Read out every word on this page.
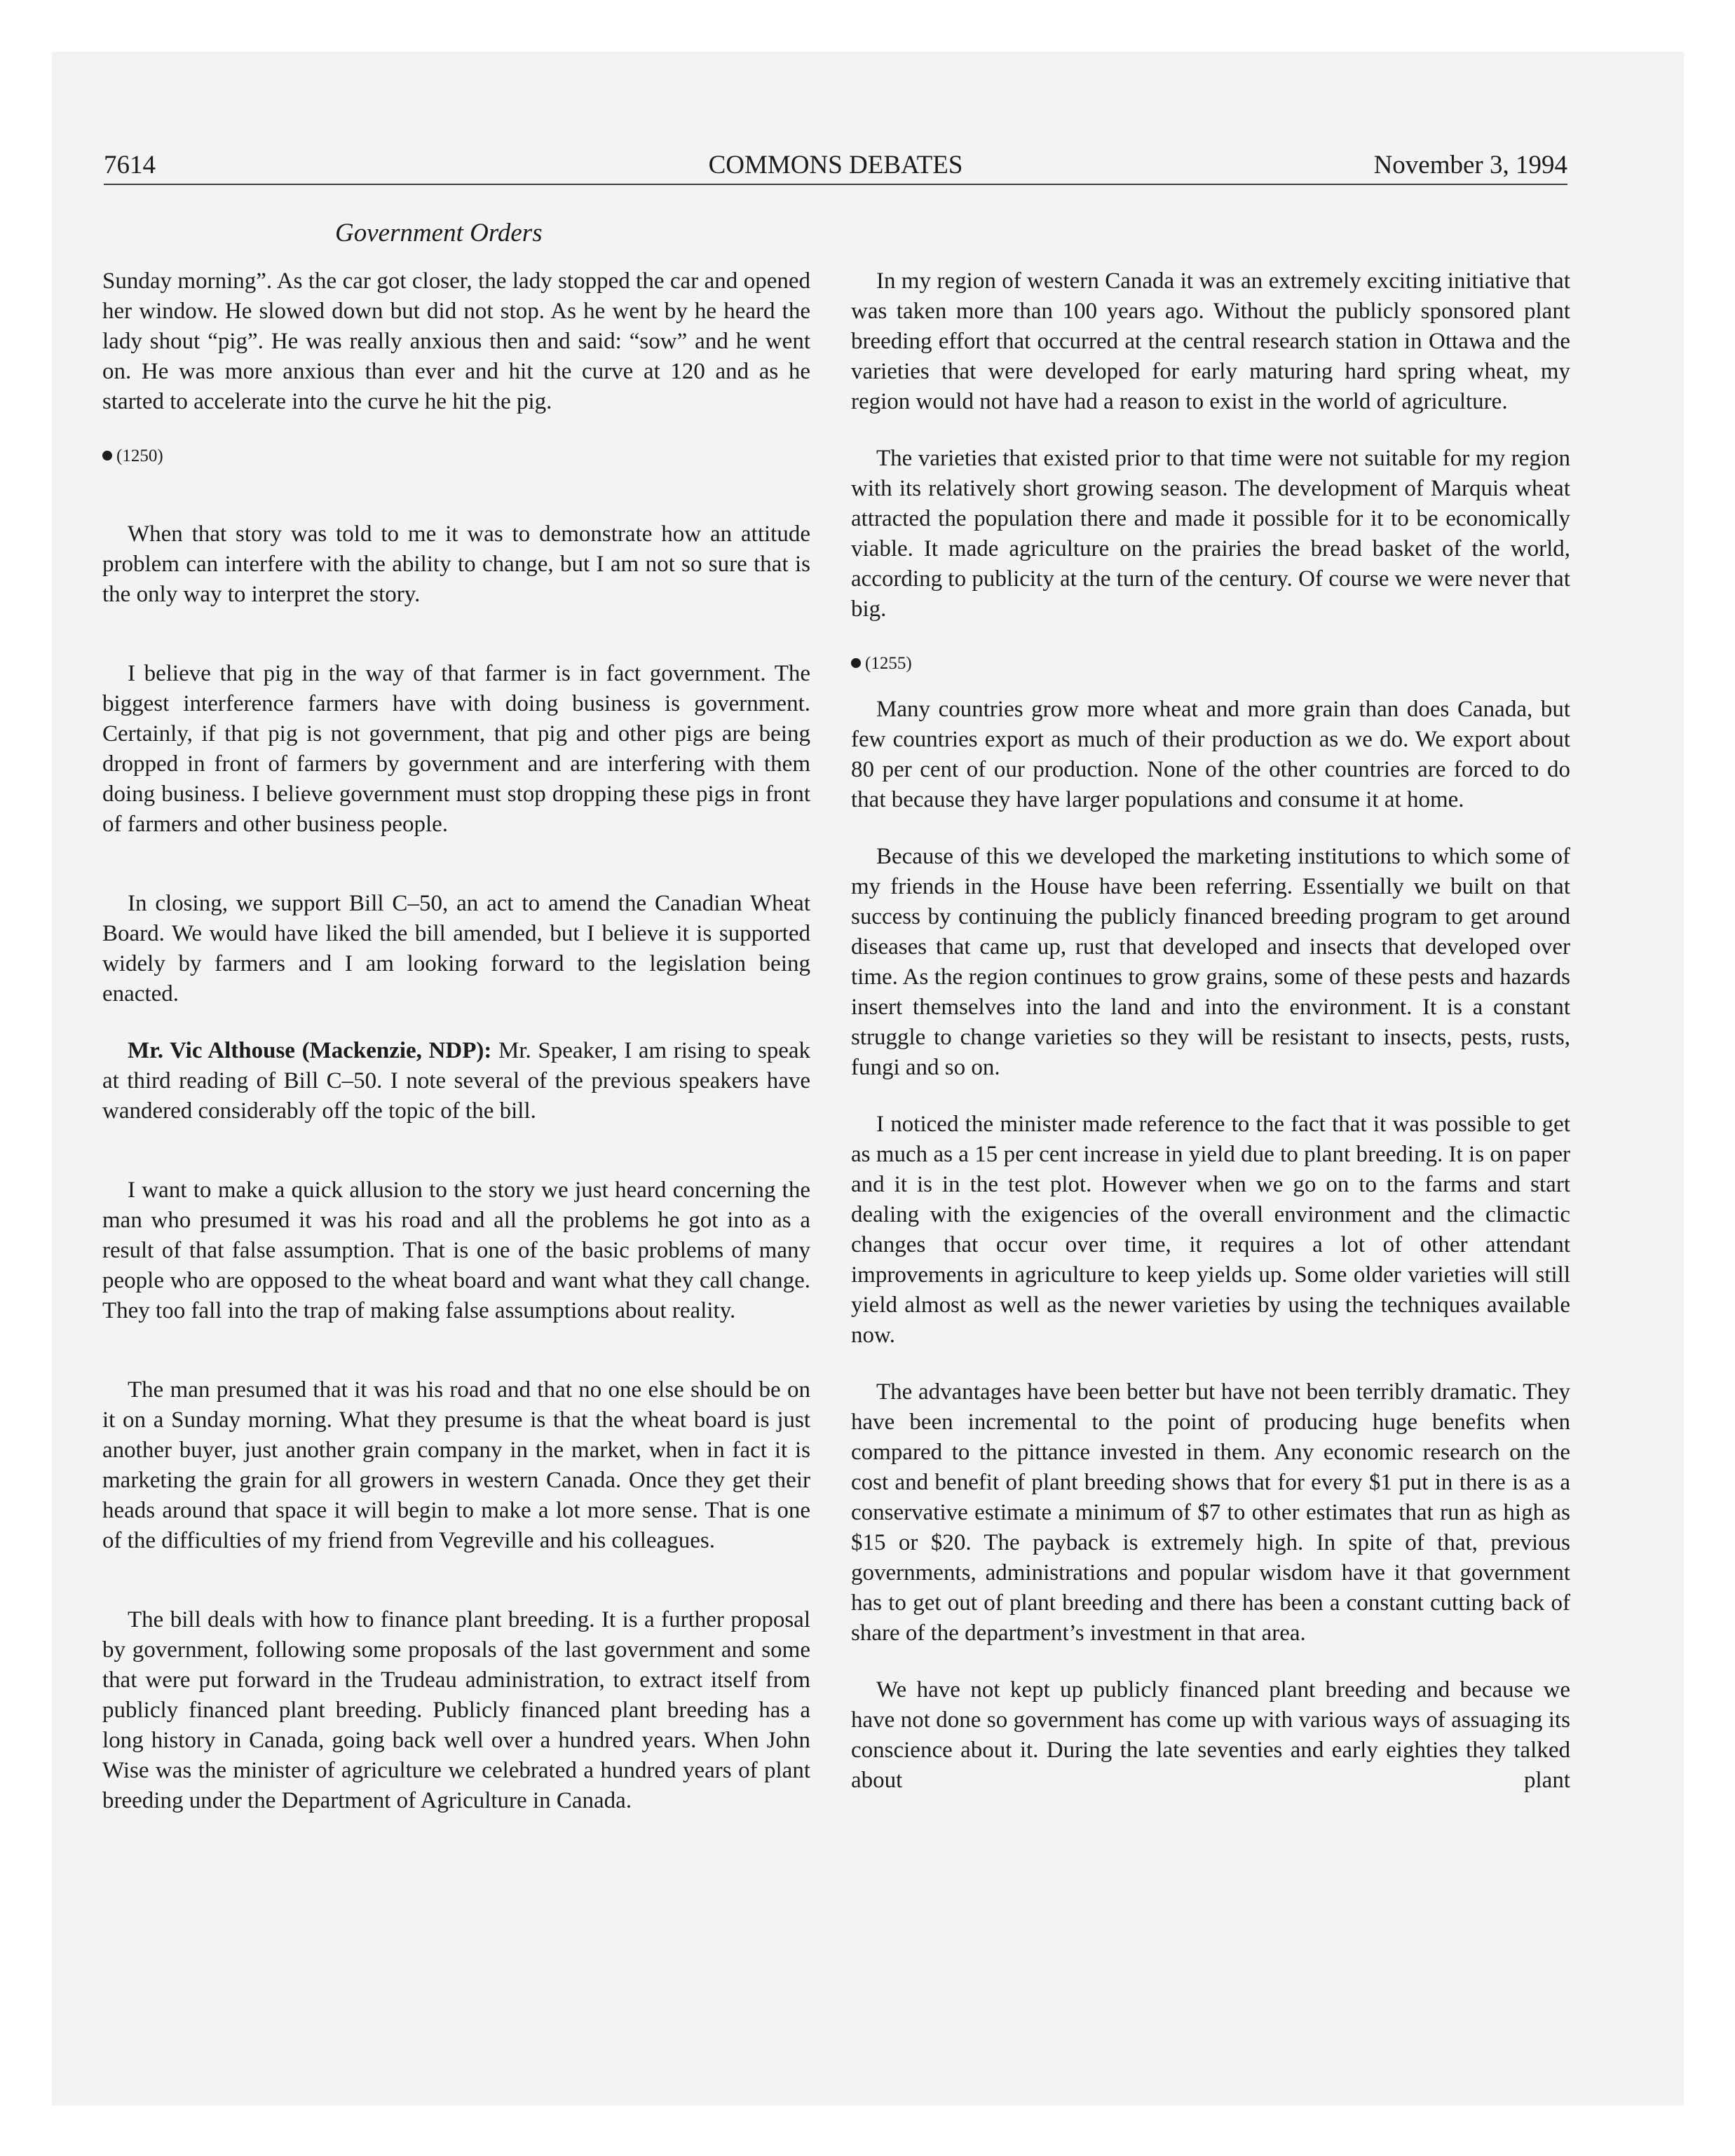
7614	COMMONS DEBATES	November 3, 1994
Government Orders

Sunday morning”. As the car got closer, the lady stopped the car and opened her window. He slowed down but did not stop. As he went by he heard the lady shout “pig”. He was really anxious then and said: “sow” and he went on. He was more anxious than ever and hit the curve at 120 and as he started to accelerate into the curve he hit the pig.

(1250)

When that story was told to me it was to demonstrate how an attitude problem can interfere with the ability to change, but I am not so sure that is the only way to interpret the story.

I believe that pig in the way of that farmer is in fact government. The biggest interference farmers have with doing business is government. Certainly, if that pig is not government, that pig and other pigs are being dropped in front of farmers by government and are interfering with them doing business. I believe government must stop dropping these pigs in front of farmers and other business people.

In closing, we support Bill C–50, an act to amend the Canadian Wheat Board. We would have liked the bill amended, but I believe it is supported widely by farmers and I am looking forward to the legislation being enacted.

Mr. Vic Althouse (Mackenzie, NDP): Mr. Speaker, I am rising to speak at third reading of Bill C–50. I note several of the previous speakers have wandered considerably off the topic of the bill.

I want to make a quick allusion to the story we just heard concerning the man who presumed it was his road and all the problems he got into as a result of that false assumption. That is one of the basic problems of many people who are opposed to the wheat board and want what they call change. They too fall into the trap of making false assumptions about reality.

The man presumed that it was his road and that no one else should be on it on a Sunday morning. What they presume is that the wheat board is just another buyer, just another grain company in the market, when in fact it is marketing the grain for all growers in western Canada. Once they get their heads around that space it will begin to make a lot more sense. That is one of the difficulties of my friend from Vegreville and his colleagues.

The bill deals with how to finance plant breeding. It is a further proposal by government, following some proposals of the last government and some that were put forward in the Trudeau administration, to extract itself from publicly financed plant breeding. Publicly financed plant breeding has a long history in Canada, going back well over a hundred years. When John Wise was the minister of agriculture we celebrated a hundred years of plant breeding under the Department of Agriculture in Canada.

In my region of western Canada it was an extremely exciting initiative that was taken more than 100 years ago. Without the publicly sponsored plant breeding effort that occurred at the central research station in Ottawa and the varieties that were developed for early maturing hard spring wheat, my region would not have had a reason to exist in the world of agriculture.

The varieties that existed prior to that time were not suitable for my region with its relatively short growing season. The development of Marquis wheat attracted the population there and made it possible for it to be economically viable. It made agriculture on the prairies the bread basket of the world, according to publicity at the turn of the century. Of course we were never that big.

(1255)

Many countries grow more wheat and more grain than does Canada, but few countries export as much of their production as we do. We export about 80 per cent of our production. None of the other countries are forced to do that because they have larger populations and consume it at home.

Because of this we developed the marketing institutions to which some of my friends in the House have been referring. Essentially we built on that success by continuing the publicly financed breeding program to get around diseases that came up, rust that developed and insects that developed over time. As the region continues to grow grains, some of these pests and hazards insert themselves into the land and into the environment. It is a constant struggle to change varieties so they will be resistant to insects, pests, rusts, fungi and so on.

I noticed the minister made reference to the fact that it was possible to get as much as a 15 per cent increase in yield due to plant breeding. It is on paper and it is in the test plot. However when we go on to the farms and start dealing with the exigencies of the overall environment and the climactic changes that occur over time, it requires a lot of other attendant improvements in agriculture to keep yields up. Some older varieties will still yield almost as well as the newer varieties by using the techniques available now.

The advantages have been better but have not been terribly dramatic. They have been incremental to the point of producing huge benefits when compared to the pittance invested in them. Any economic research on the cost and benefit of plant breeding shows that for every $1 put in there is as a conservative estimate a minimum of $7 to other estimates that run as high as $15 or $20. The payback is extremely high. In spite of that, previous governments, administrations and popular wisdom have it that government has to get out of plant breeding and there has been a constant cutting back of share of the department’s investment in that area.

We have not kept up publicly financed plant breeding and because we have not done so government has come up with various ways of assuaging its conscience about it. During the late seventies and early eighties they talked about plant
